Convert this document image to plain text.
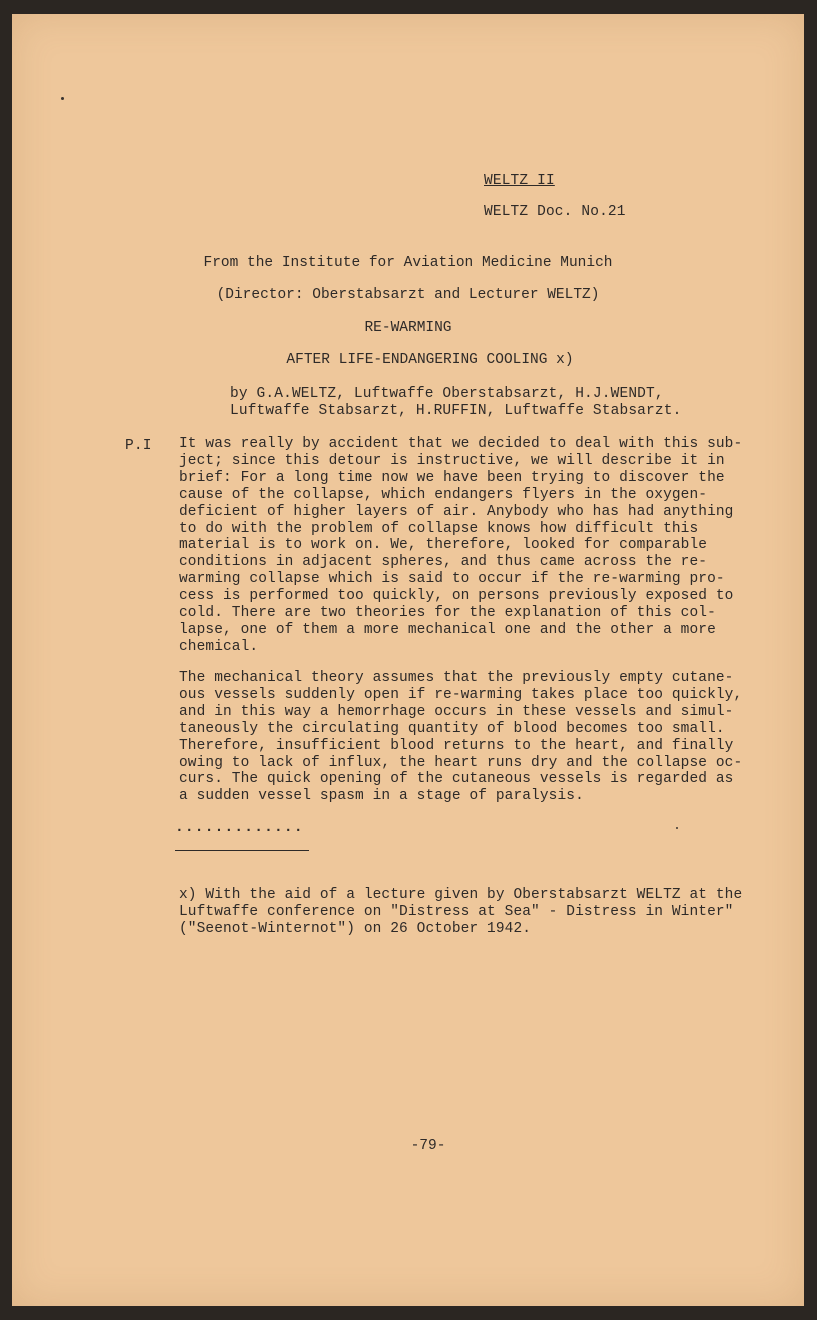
WELTZ II
WELTZ Doc. No.21
From the Institute for Aviation Medicine Munich
(Director: Oberstabsarzt and Lecturer WELTZ)
RE-WARMING
AFTER LIFE-ENDANGERING COOLING x)
by G.A.WELTZ, Luftwaffe Oberstabsarzt, H.J.WENDT,
Luftwaffe Stabsarzt, H.RUFFIN, Luftwaffe Stabsarzt.
P.I It was really by accident that we decided to deal with this sub-
ject; since this detour is instructive, we will describe it in
brief: For a long time now we have been trying to discover the
cause of the collapse, which endangers flyers in the oxygen-
deficient of higher layers of air. Anybody who has had anything
to do with the problem of collapse knows how difficult this
material is to work on. We, therefore, looked for comparable
conditions in adjacent spheres, and thus came across the re-
warming collapse which is said to occur if the re-warming pro-
cess is performed too quickly, on persons previously exposed to
cold. There are two theories for the explanation of this col-
lapse, one of them a more mechanical one and the other a more
chemical.
The mechanical theory assumes that the previously empty cutane-
ous vessels suddenly open if re-warming takes place too quickly,
and in this way a hemorrhage occurs in these vessels and simul-
taneously the circulating quantity of blood becomes too small.
Therefore, insufficient blood returns to the heart, and finally
owing to lack of influx, the heart runs dry and the collapse oc-
curs. The quick opening of the cutaneous vessels is regarded as
a sudden vessel spasm in a stage of paralysis.
.............
x) With the aid of a lecture given by Oberstabsarzt WELTZ at the
Luftwaffe conference on "Distress at Sea" - Distress in Winter"
("Seenot-Winternot") on 26 October 1942.
-79-
